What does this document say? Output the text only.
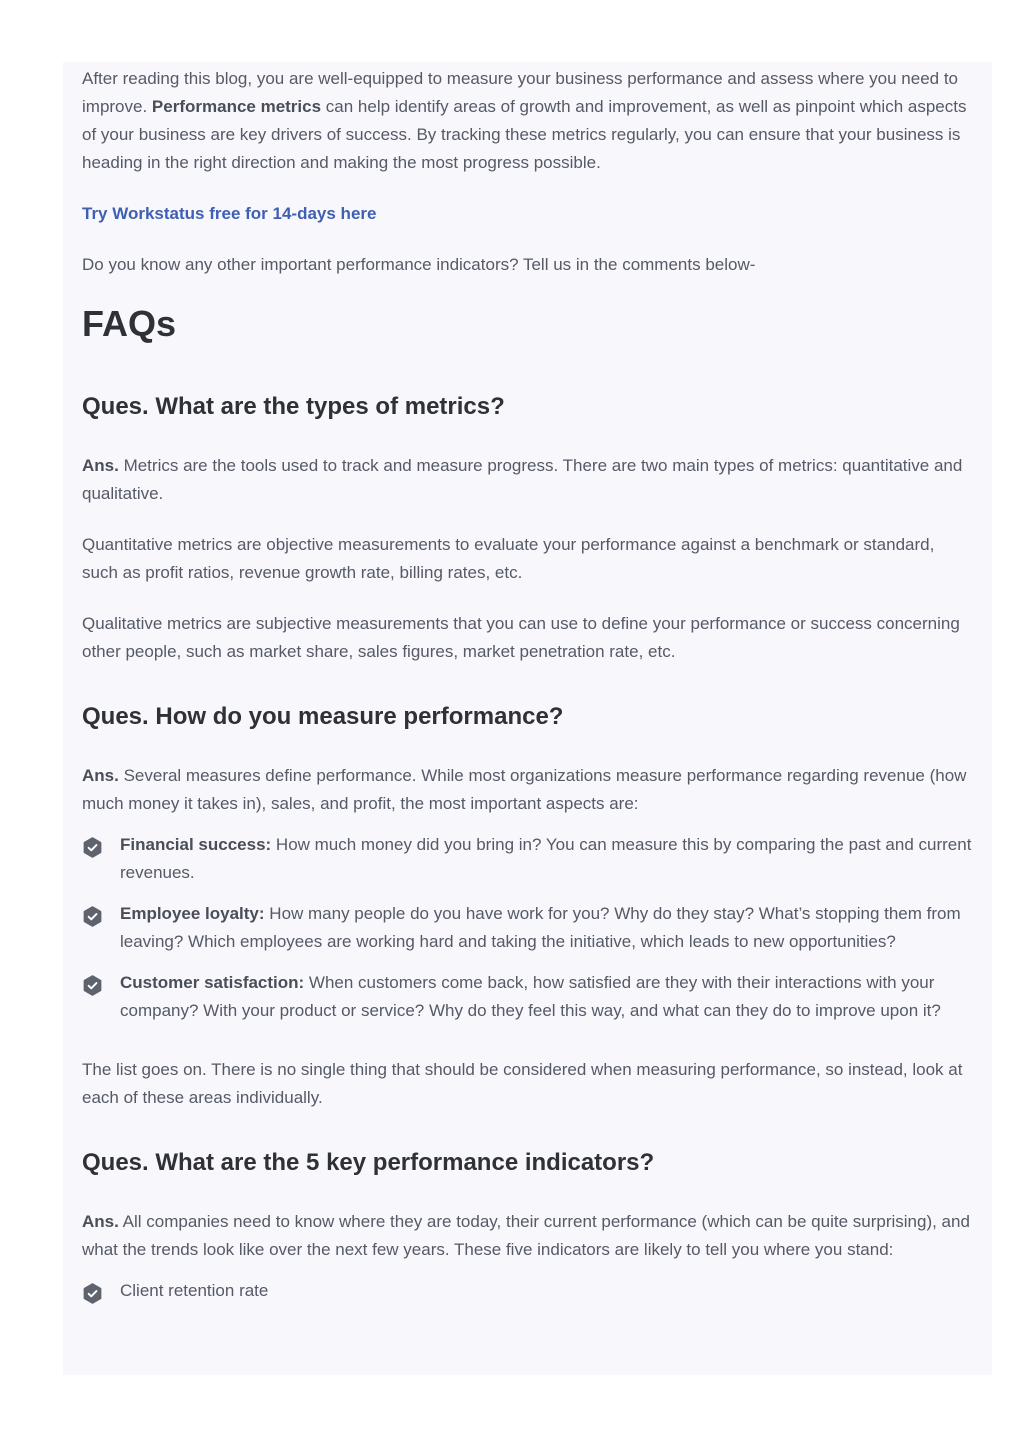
After reading this blog, you are well-equipped to measure your business performance and assess where you need to improve. Performance metrics can help identify areas of growth and improvement, as well as pinpoint which aspects of your business are key drivers of success. By tracking these metrics regularly, you can ensure that your business is heading in the right direction and making the most progress possible.

Try Workstatus free for 14-days here

Do you know any other important performance indicators? Tell us in the comments below-

FAQs
Ques. What are the types of metrics?

Ans. Metrics are the tools used to track and measure progress. There are two main types of metrics: quantitative and qualitative.

Quantitative metrics are objective measurements to evaluate your performance against a benchmark or standard, such as profit ratios, revenue growth rate, billing rates, etc.

Qualitative metrics are subjective measurements that you can use to define your performance or success concerning other people, such as market share, sales figures, market penetration rate, etc.

Ques. How do you measure performance?

Ans. Several measures define performance. While most organizations measure performance regarding revenue (how much money it takes in), sales, and profit, the most important aspects are:

Financial success: How much money did you bring in? You can measure this by comparing the past and current revenues.
Employee loyalty: How many people do you have work for you? Why do they stay? What’s stopping them from leaving? Which employees are working hard and taking the initiative, which leads to new opportunities?
Customer satisfaction: When customers come back, how satisfied are they with their interactions with your company? With your product or service? Why do they feel this way, and what can they do to improve upon it?

The list goes on. There is no single thing that should be considered when measuring performance, so instead, look at each of these areas individually.

Ques. What are the 5 key performance indicators?

Ans. All companies need to know where they are today, their current performance (which can be quite surprising), and what the trends look like over the next few years. These five indicators are likely to tell you where you stand:

Client retention rate
